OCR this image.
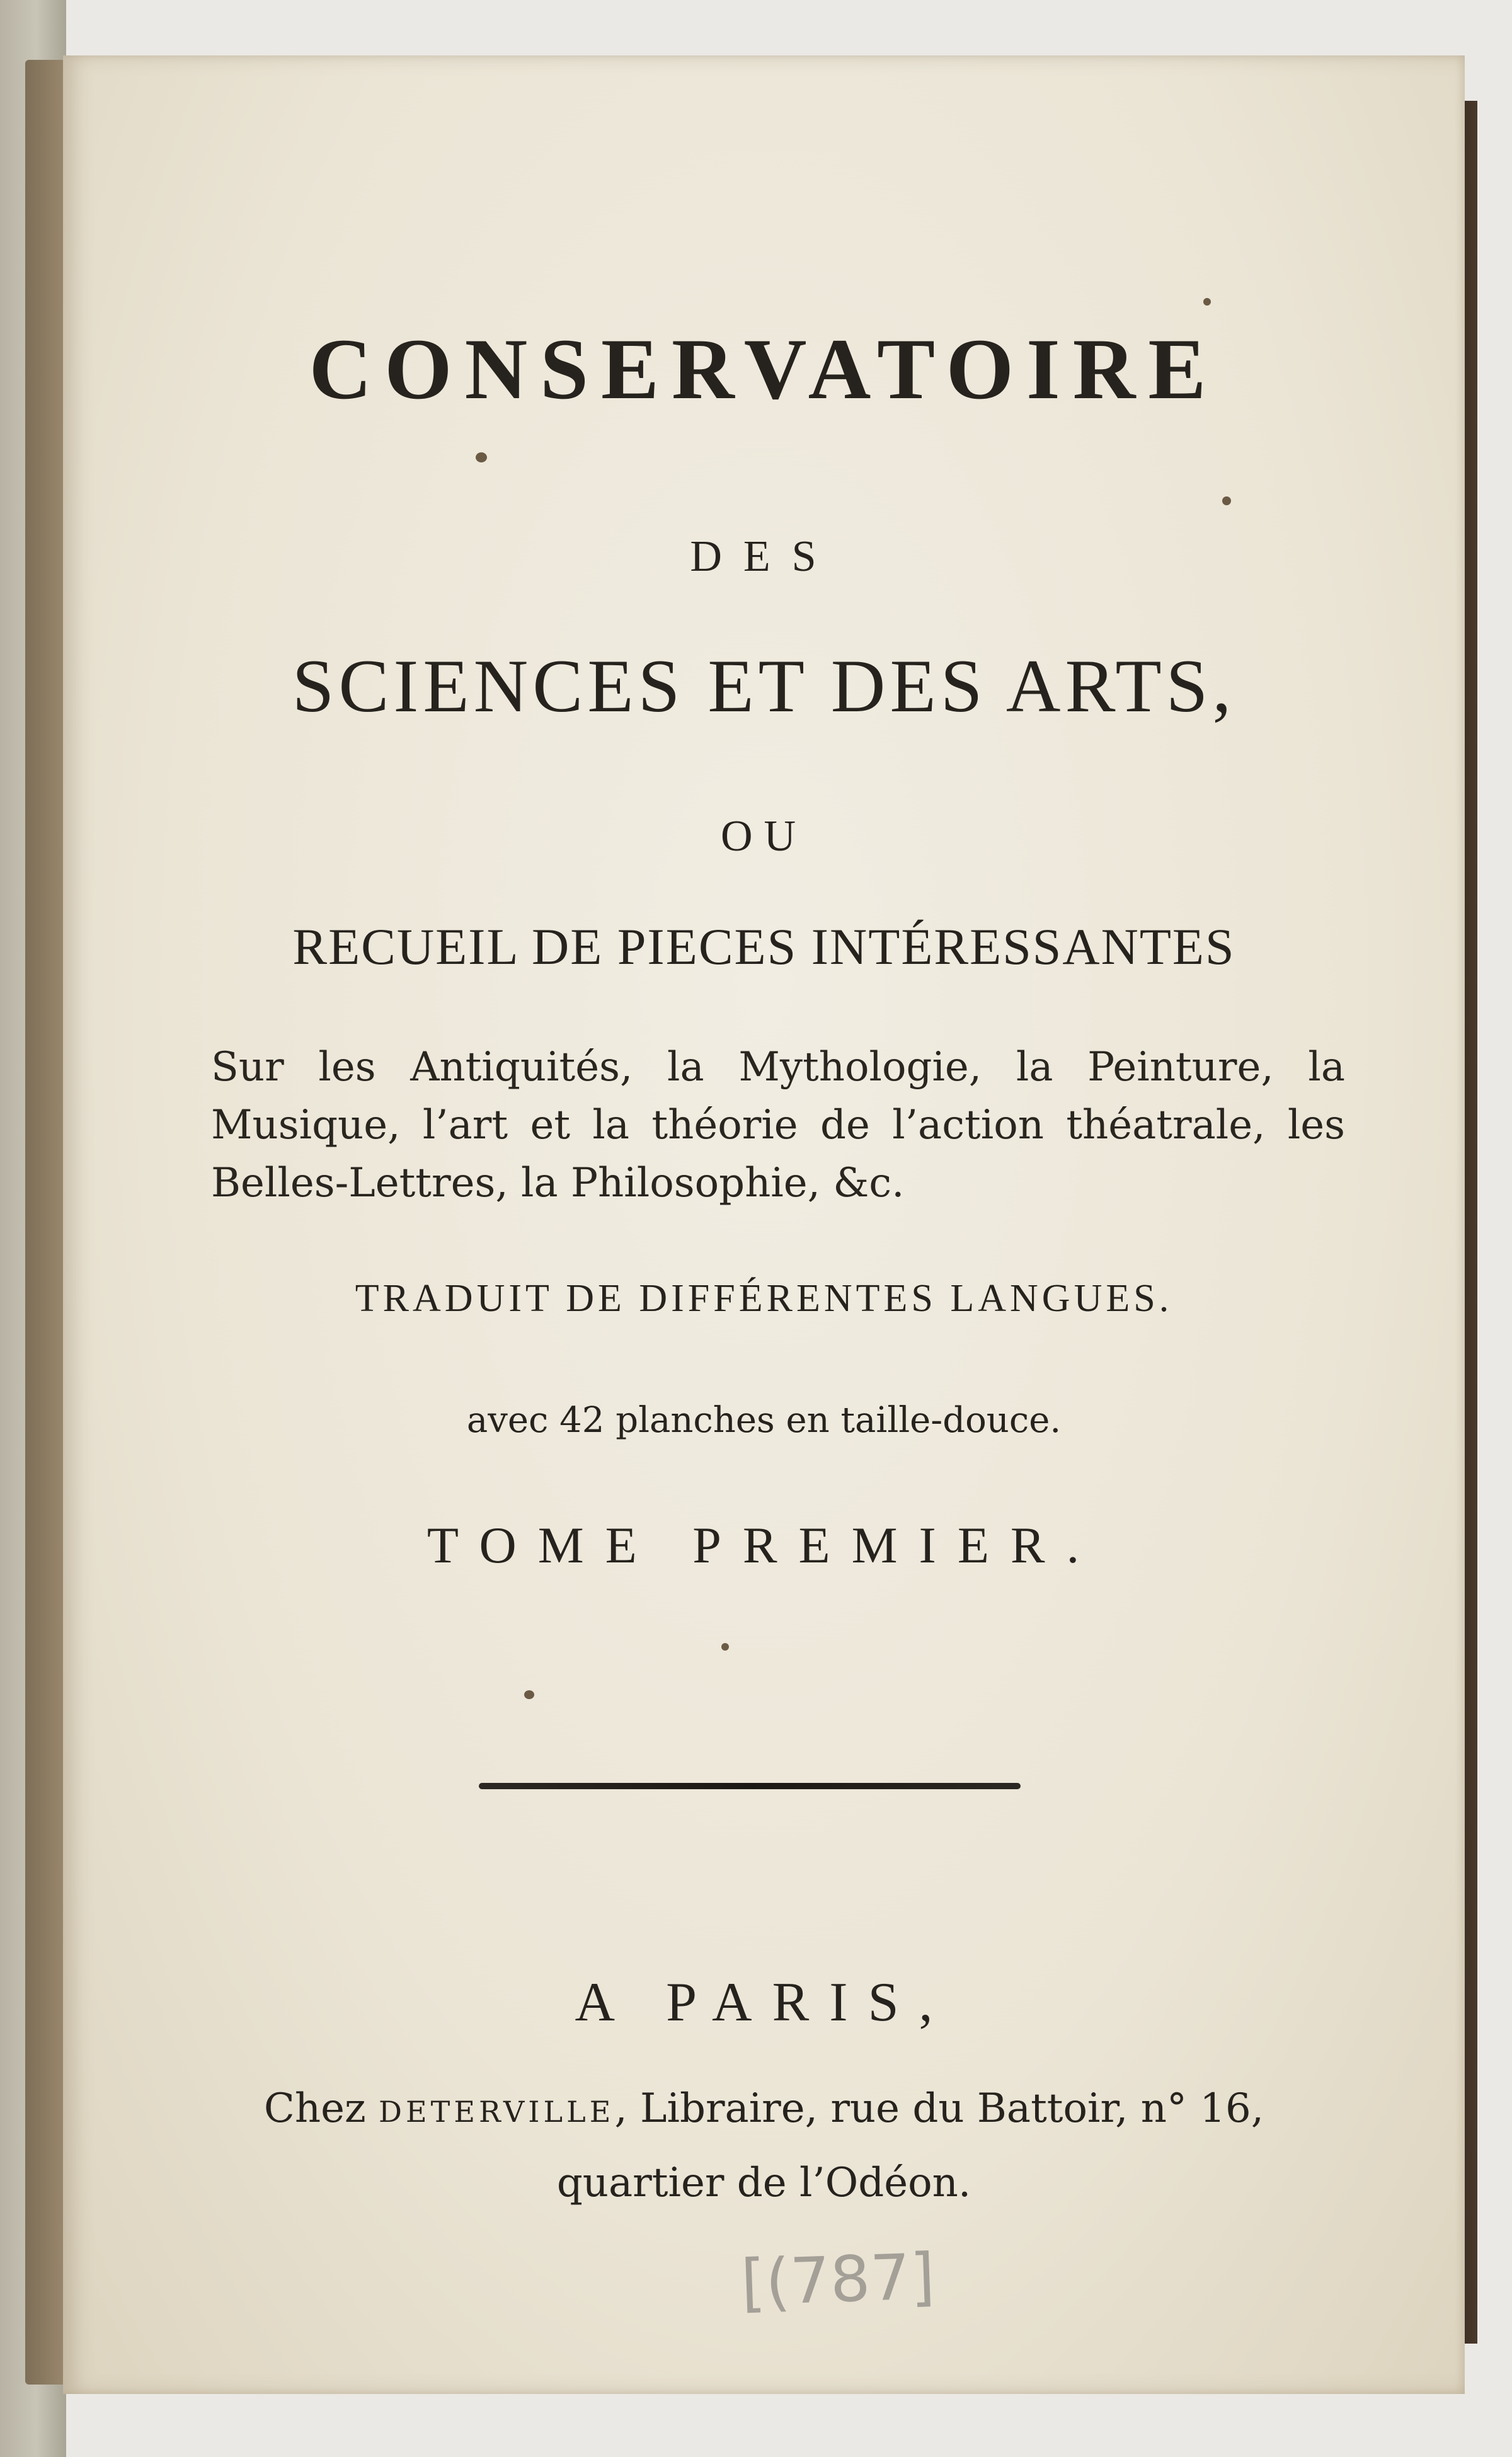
CONSERVATOIRE

DES

SCIENCES ET DES ARTS,

OU

RECUEIL DE PIECES INTÉRESSANTES

Sur les Antiquités, la Mythologie, la Peinture, la Musique, l’art et la théorie de l’action théatrale, les Belles-Lettres, la Philosophie, &c.

TRADUIT DE DIFFÉRENTES LANGUES.

avec 42 planches en taille-douce.

TOME PREMIER.

A PARIS,

Chez DETERVILLE, Libraire, rue du Battoir, n° 16,

quartier de l’Odéon.

[(787]
